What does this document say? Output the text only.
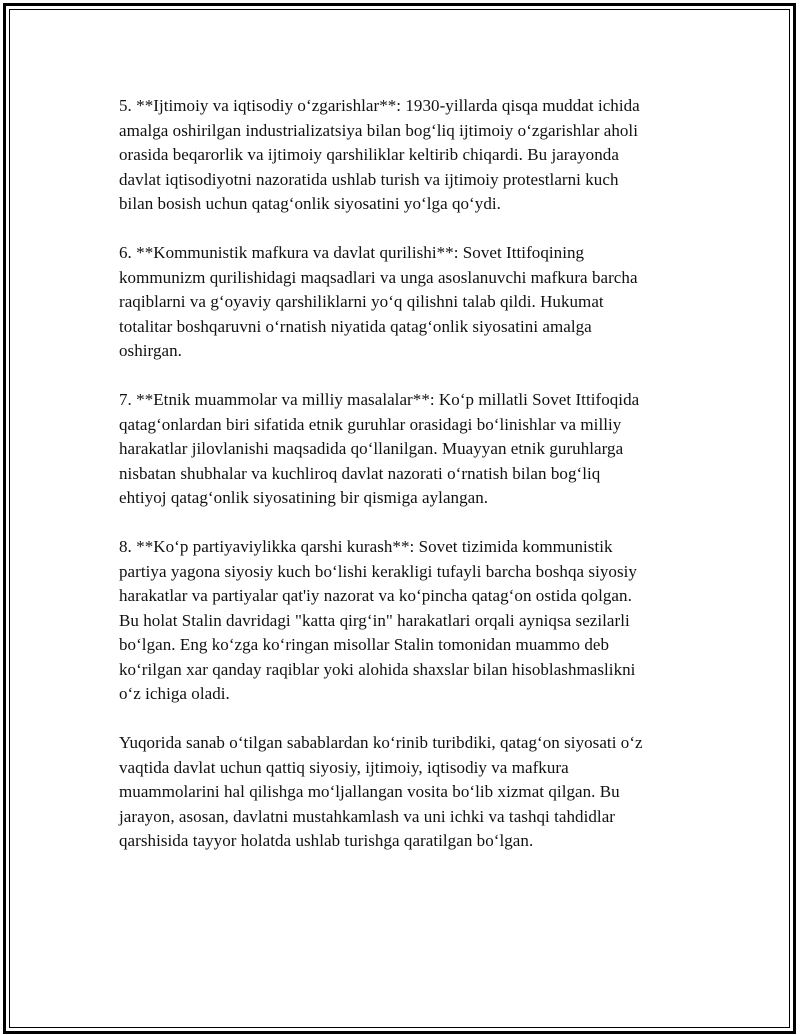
5. **Ijtimoiy va iqtisodiy o‘zgarishlar**: 1930-yillarda qisqa muddat ichida
amalga oshirilgan industrializatsiya bilan bog‘liq ijtimoiy o‘zgarishlar aholi
orasida beqarorlik va ijtimoiy qarshiliklar keltirib chiqardi. Bu jarayonda
davlat iqtisodiyotni nazoratida ushlab turish va ijtimoiy protestlarni kuch
bilan bosish uchun qatag‘onlik siyosatini yo‘lga qo‘ydi.

6. **Kommunistik mafkura va davlat qurilishi**: Sovet Ittifoqining
kommunizm qurilishidagi maqsadlari va unga asoslanuvchi mafkura barcha
raqiblarni va g‘oyaviy qarshiliklarni yo‘q qilishni talab qildi. Hukumat
totalitar boshqaruvni o‘rnatish niyatida qatag‘onlik siyosatini amalga
oshirgan.

7. **Etnik muammolar va milliy masalalar**: Ko‘p millatli Sovet Ittifoqida
qatag‘onlardan biri sifatida etnik guruhlar orasidagi bo‘linishlar va milliy
harakatlar jilovlanishi maqsadida qo‘llanilgan. Muayyan etnik guruhlarga
nisbatan shubhalar va kuchliroq davlat nazorati o‘rnatish bilan bog‘liq
ehtiyoj qatag‘onlik siyosatining bir qismiga aylangan.

8. **Ko‘p partiyaviylikka qarshi kurash**: Sovet tizimida kommunistik
partiya yagona siyosiy kuch bo‘lishi kerakligi tufayli barcha boshqa siyosiy
harakatlar va partiyalar qat'iy nazorat va ko‘pincha qatag‘on ostida qolgan.
Bu holat Stalin davridagi "katta qirg‘in" harakatlari orqali ayniqsa sezilarli
bo‘lgan. Eng ko‘zga ko‘ringan misollar Stalin tomonidan muammo deb
ko‘rilgan xar qanday raqiblar yoki alohida shaxslar bilan hisoblashmaslikni
o‘z ichiga oladi.

Yuqorida sanab o‘tilgan sabablardan ko‘rinib turibdiki, qatag‘on siyosati o‘z
vaqtida davlat uchun qattiq siyosiy, ijtimoiy, iqtisodiy va mafkura
muammolarini hal qilishga mo‘ljallangan vosita bo‘lib xizmat qilgan. Bu
jarayon, asosan, davlatni mustahkamlash va uni ichki va tashqi tahdidlar
qarshisida tayyor holatda ushlab turishga qaratilgan bo‘lgan.
